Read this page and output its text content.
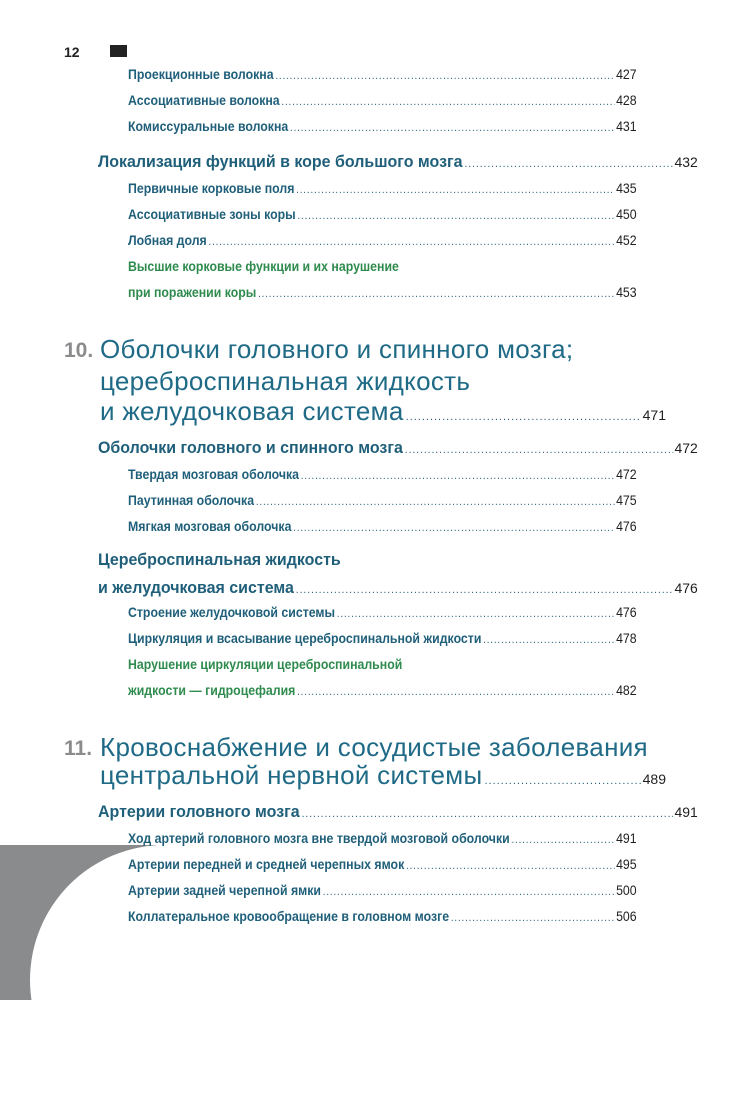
12
Проекционные волокна .....	427
Ассоциативные волокна .....	428
Комиссуральные волокна .....	431
Локализация функций в коре большого мозга .....	432
Первичные корковые поля .....	435
Ассоциативные зоны коры .....	450
Лобная доля .....	452
Высшие корковые функции и их нарушение
при поражении коры .....	453
10. Оболочки головного и спинного мозга;
цереброспинальная жидкость
и желудочковая система .....	471
Оболочки головного и спинного мозга .....	472
Твердая мозговая оболочка .....	472
Паутинная оболочка .....	475
Мягкая мозговая оболочка .....	476
Цереброспинальная жидкость
и желудочковая система .....	476
Строение желудочковой системы .....	476
Циркуляция и всасывание цереброспинальной жидкости .....	478
Нарушение циркуляции цереброспинальной
жидкости — гидроцефалия .....	482
11. Кровоснабжение и сосудистые заболевания
центральной нервной системы .....	489
Артерии головного мозга .....	491
Ход артерий головного мозга вне твердой мозговой оболочки .....	491
Артерии передней и средней черепных ямок .....	495
Артерии задней черепной ямки .....	500
Коллатеральное кровообращение в головном мозге .....	506
